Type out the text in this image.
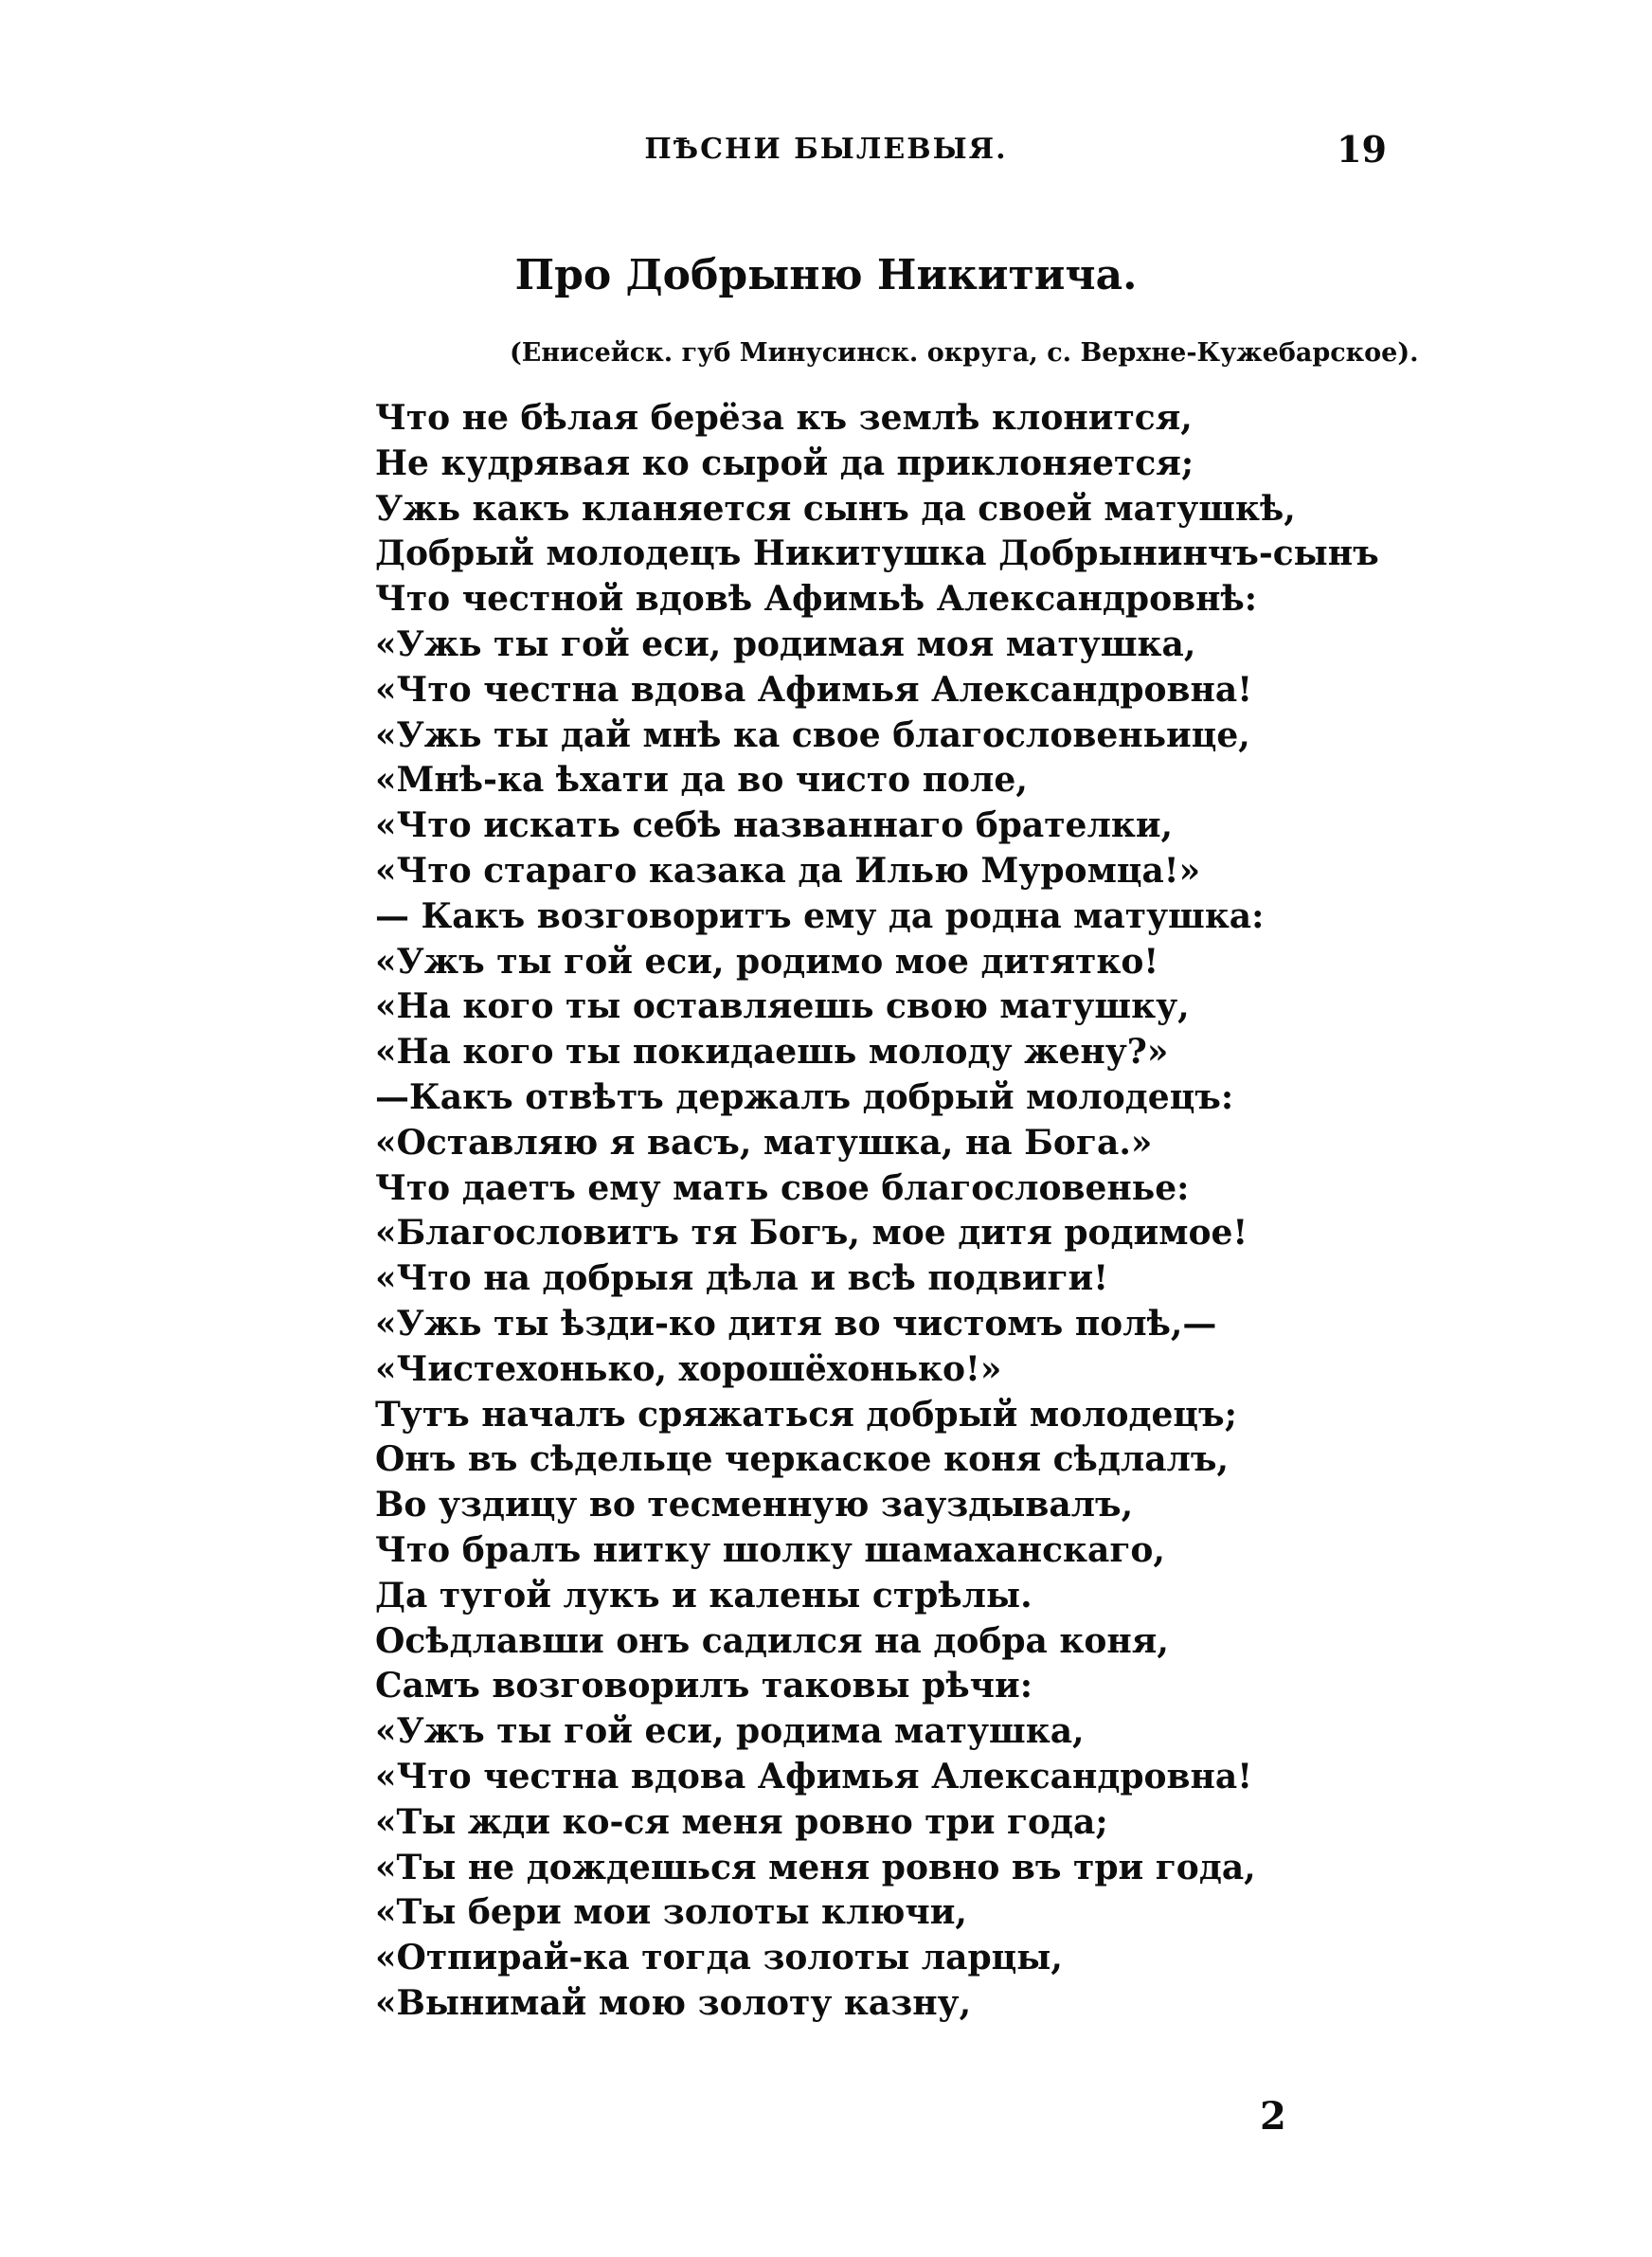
ПѢСНИ БЫЛЕВЫЯ.	19
Про Добрыню Никитича.
(Енисейск. губ Минусинск. округа, с. Верхне-Кужебарское).
Что не бѣлая берёза къ землѣ клонится,
Не кудрявая ко сырой да приклоняется;
Ужь какъ кланяется сынъ да своей матушкѣ,
Добрый молодецъ Никитушка Добрынинчъ-сынъ
Что честной вдовѣ Афимьѣ Александровнѣ:
«Ужь ты гой еси, родимая моя матушка,
«Что честна вдова Афимья Александровна!
«Ужь ты дай мнѣ ка свое благословеньице,
«Мнѣ-ка ѣхати да во чисто поле,
«Что искать себѣ названнаго брателки,
«Что стараго казака да Илью Муромца!»
— Какъ возговоритъ ему да родна матушка:
«Ужъ ты гой еси, родимо мое дитятко!
«На кого ты оставляешь свою матушку,
«На кого ты покидаешь молоду жену?»
—Какъ отвѣтъ держалъ добрый молодецъ:
«Оставляю я васъ, матушка, на Бога.»
Что даетъ ему мать свое благословенье:
«Благословитъ тя Богъ, мое дитя родимое!
«Что на добрыя дѣла и всѣ подвиги!
«Ужь ты ѣзди-ко дитя во чистомъ полѣ,—
«Чистехонько, хорошёхонько!»
Тутъ началъ сряжаться добрый молодецъ;
Онъ въ сѣдельце черкаское коня сѣдлалъ,
Во уздицу во тесменную зауздывалъ,
Что бралъ нитку шолку шамаханскаго,
Да тугой лукъ и калены стрѣлы.
Осѣдлавши онъ садился на добра коня,
Самъ возговорилъ таковы рѣчи:
«Ужъ ты гой еси, родима матушка,
«Что честна вдова Афимья Александровна!
«Ты жди ко-ся меня ровно три года;
«Ты не дождешься меня ровно въ три года,
«Ты бери мои золоты ключи,
«Отпирай-ка тогда золоты ларцы,
«Вынимай мою золоту казну,
2
